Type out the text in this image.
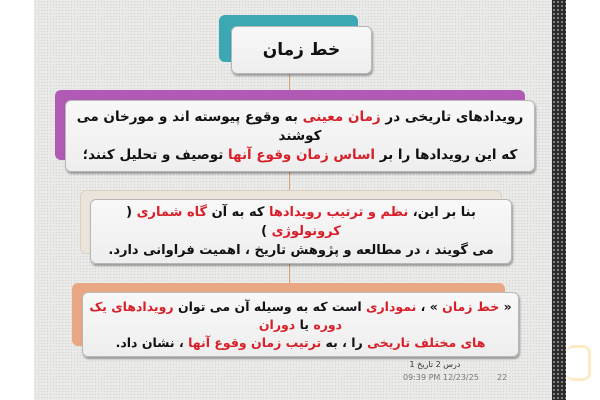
خط زمان
رویدادهای تاریخی در زمان معینی به وقوع پیوسته اند و مورخان می کوشند
که این رویدادها را بر اساس زمان وقوع آنها توصیف و تحلیل کنند؛
بنا بر این، نظم و ترتیب رویدادها که به آن گاه شماری ( کرونولوژی )
می گویند ، در مطالعه و پژوهش تاریخ ، اهمیت فراوانی دارد.
« خط زمان » ، نموداری است که به وسیله آن می توان رویدادهای یک دوره یا دوران
های مختلف تاریخی را ، به ترتیب زمان وقوع آنها ، نشان داد.
درس 2 تاریخ 1
09:39 PM 12/23/25 22
